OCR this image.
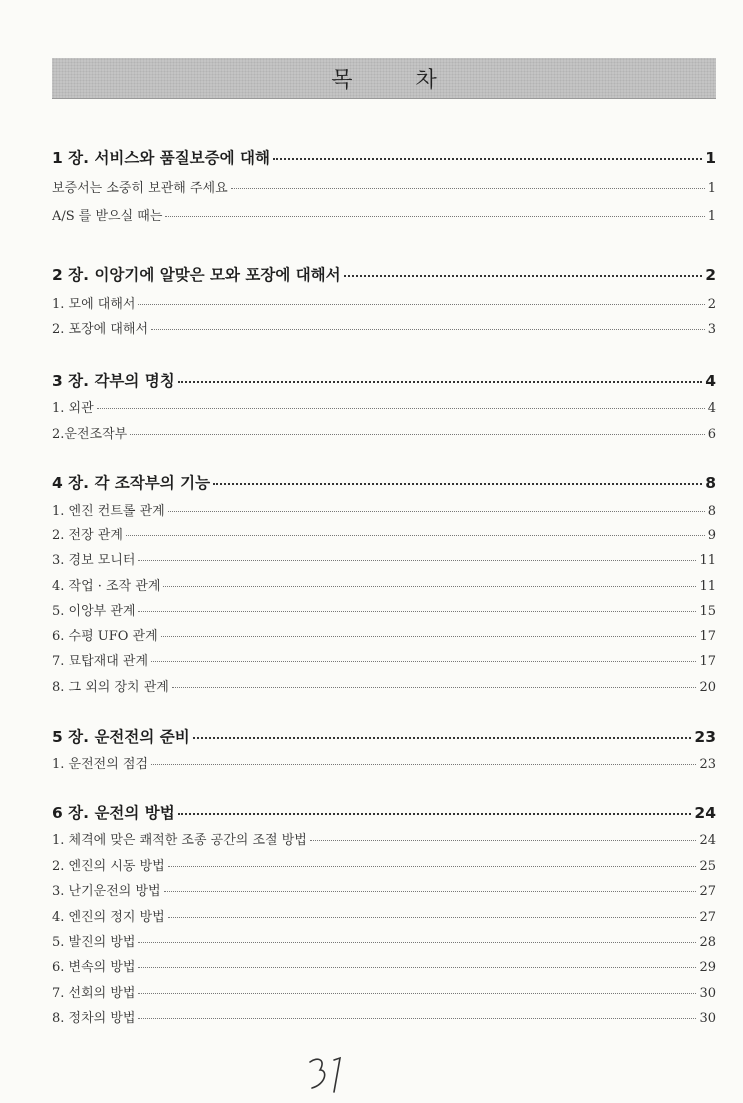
목 차
1 장. 서비스와 품질보증에 대해	1
보증서는 소중히 보관해 주세요	1
A/S 를 받으실 때는	1
2 장. 이앙기에 알맞은 모와 포장에 대해서	2
1. 모에 대해서	2
2. 포장에 대해서	3
3 장. 각부의 명칭	4
1. 외관	4
2.운전조작부	6
4 장. 각 조작부의 기능	8
1. 엔진 컨트롤 관계	8
2. 전장 관계	9
3. 경보 모니터	11
4. 작업 · 조작 관계	11
5. 이앙부 관계	15
6. 수평 UFO 관계	17
7. 묘탑재대 관계	17
8. 그 외의 장치 관계	20
5 장. 운전전의 준비	23
1. 운전전의 점검	23
6 장. 운전의 방법	24
1. 체격에 맞은 쾌적한 조종 공간의 조절 방법	24
2. 엔진의 시동 방법	25
3. 난기운전의 방법	27
4. 엔진의 정지 방법	27
5. 발진의 방법	28
6. 변속의 방법	29
7. 선회의 방법	30
8. 정차의 방법	30
